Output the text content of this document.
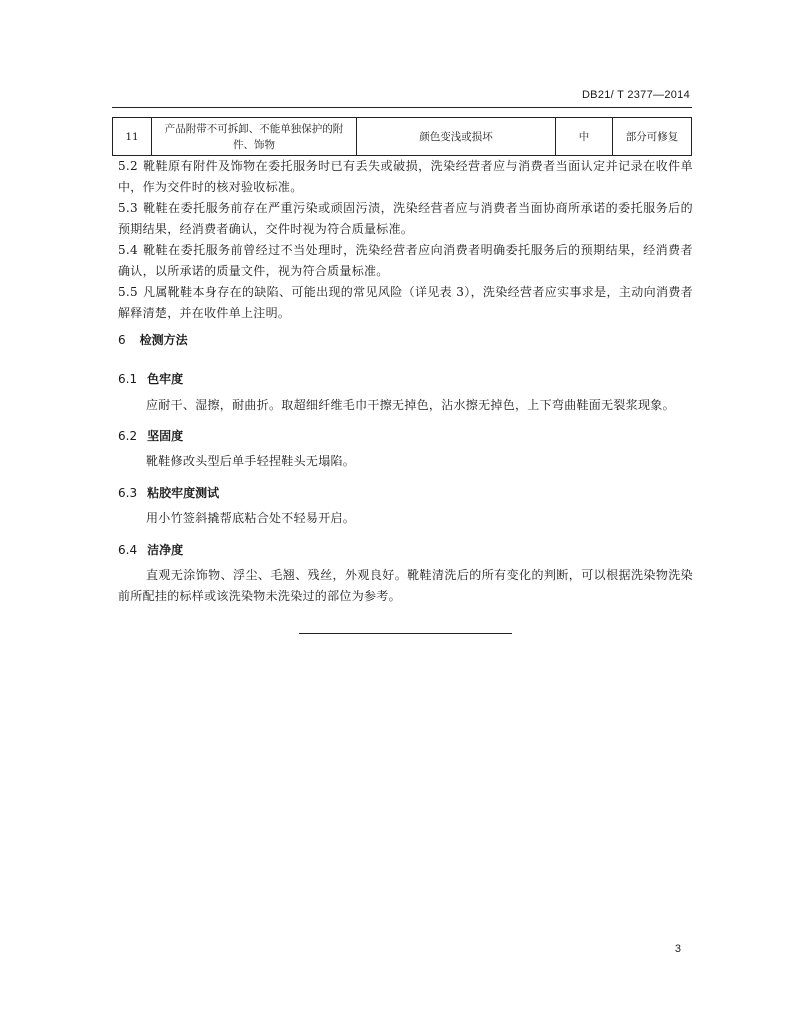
DB21/ T 2377—2014
11	
产品附带不可拆卸、不能单独保护的附
件、饰物
	颜色变浅或损坏	中	部分可修复
5.2 靴鞋原有附件及饰物在委托服务时已有丢失或破损，洗染经营者应与消费者当面认定并记录在收件单中，作为交件时的核对验收标准。
5.3 靴鞋在委托服务前存在严重污染或顽固污渍，洗染经营者应与消费者当面协商所承诺的委托服务后的预期结果，经消费者确认，交件时视为符合质量标准。
5.4 靴鞋在委托服务前曾经过不当处理时，洗染经营者应向消费者明确委托服务后的预期结果，经消费者确认，以所承诺的质量文件，视为符合质量标准。
5.5 凡属靴鞋本身存在的缺陷、可能出现的常见风险（详见表 3），洗染经营者应实事求是，主动向消费者解释清楚，并在收件单上注明。
6 检测方法
6.1 色牢度
应耐干、湿擦，耐曲折。取超细纤维毛巾干擦无掉色，沾水擦无掉色，上下弯曲鞋面无裂浆现象。
6.2 坚固度
靴鞋修改头型后单手轻捏鞋头无塌陷。
6.3 粘胶牢度测试
用小竹签斜撬帮底粘合处不轻易开启。
6.4 洁净度
直观无涂饰物、浮尘、毛翘、残丝，外观良好。靴鞋清洗后的所有变化的判断，可以根据洗染物洗染前所配挂的标样或该洗染物未洗染过的部位为参考。
3
